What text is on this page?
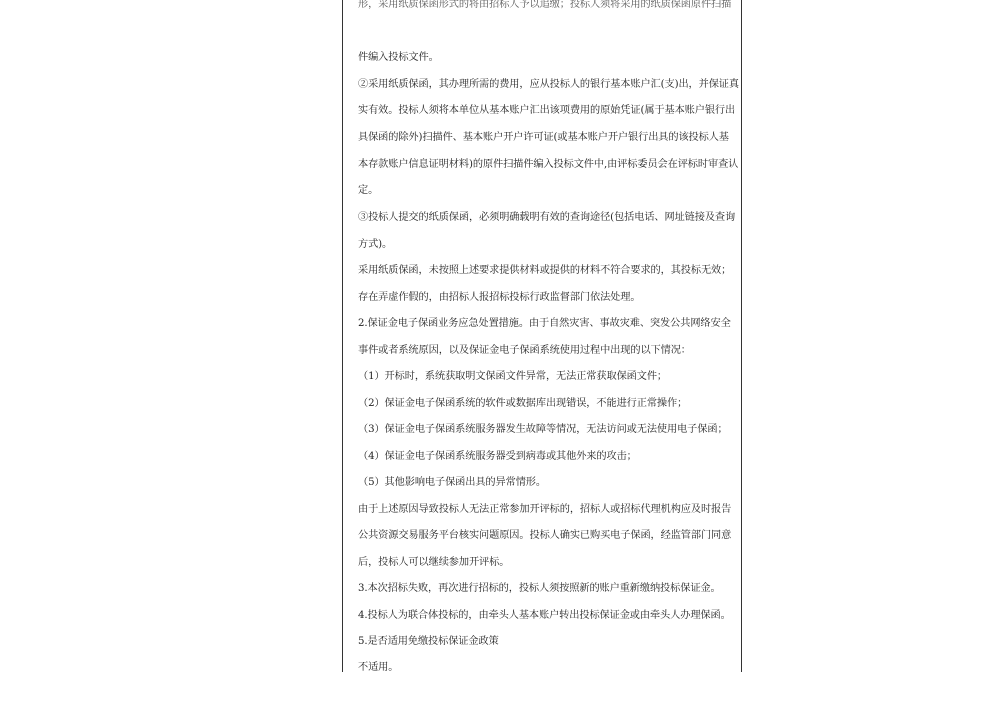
形，采用纸质保函形式的将由招标人予以追缴；投标人须将采用的纸质保函原件扫描
件编入投标文件。
②采用纸质保函，其办理所需的费用，应从投标人的银行基本账户汇(支)出，并保证真
实有效。投标人须将本单位从基本账户汇出该项费用的原始凭证(属于基本账户银行出
具保函的除外)扫描件、基本账户开户许可证(或基本账户开户银行出具的该投标人基
本存款账户信息证明材料)的原件扫描件编入投标文件中,由评标委员会在评标时审查认
定。
③投标人提交的纸质保函，必须明确载明有效的查询途径(包括电话、网址链接及查询
方式)。
采用纸质保函，未按照上述要求提供材料或提供的材料不符合要求的，其投标无效；
存在弄虚作假的，由招标人报招标投标行政监督部门依法处理。
2.保证金电子保函业务应急处置措施。由于自然灾害、事故灾难、突发公共网络安全
事件或者系统原因，以及保证金电子保函系统使用过程中出现的以下情况：
（1）开标时，系统获取明文保函文件异常，无法正常获取保函文件；
（2）保证金电子保函系统的软件或数据库出现错误，不能进行正常操作；
（3）保证金电子保函系统服务器发生故障等情况，无法访问或无法使用电子保函；
（4）保证金电子保函系统服务器受到病毒或其他外来的攻击；
（5）其他影响电子保函出具的异常情形。
由于上述原因导致投标人无法正常参加开评标的，招标人或招标代理机构应及时报告
公共资源交易服务平台核实问题原因。投标人确实已购买电子保函，经监管部门同意
后，投标人可以继续参加开评标。
3.本次招标失败，再次进行招标的，投标人须按照新的账户重新缴纳投标保证金。
4.投标人为联合体投标的，由牵头人基本账户转出投标保证金或由牵头人办理保函。
5.是否适用免缴投标保证金政策
不适用。
